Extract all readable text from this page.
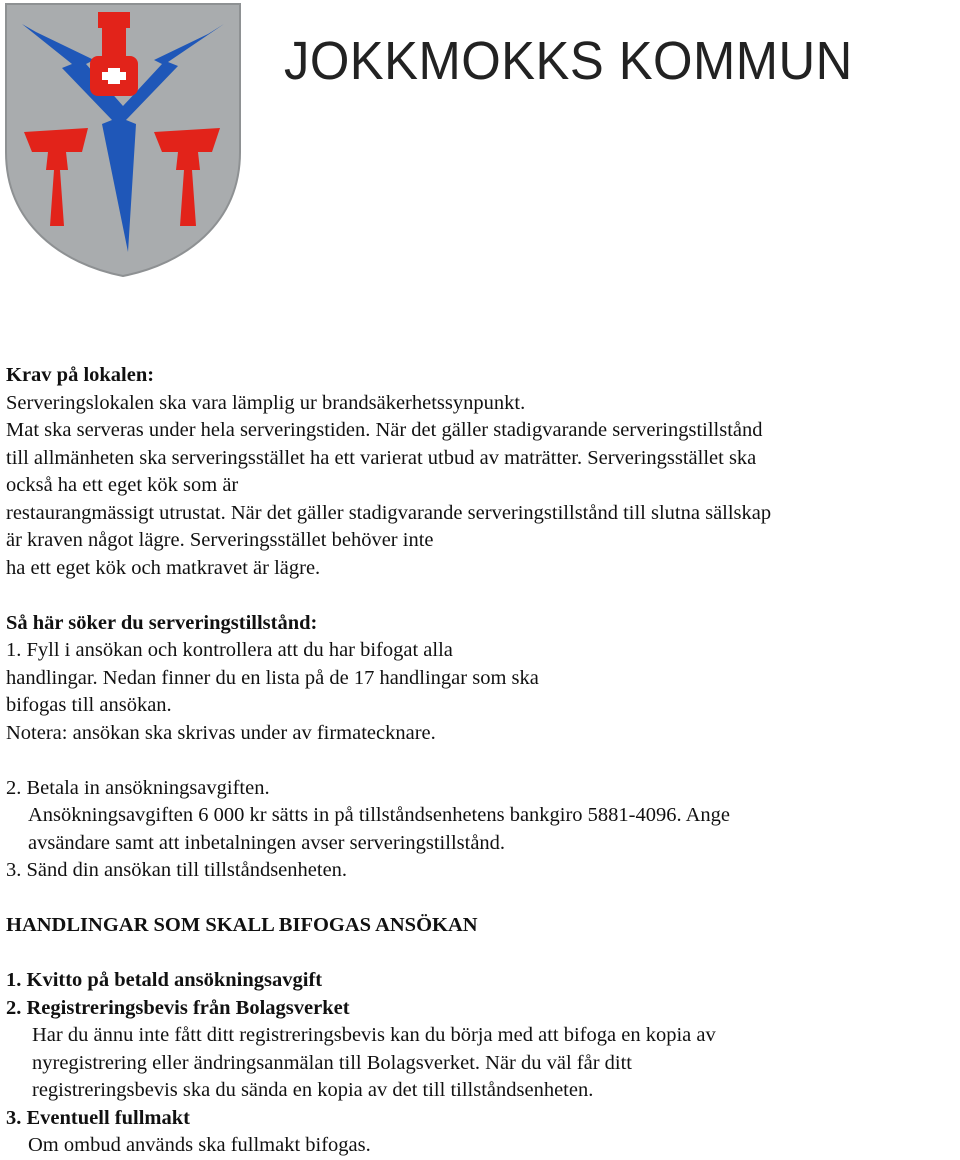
JOKKMOKKS KOMMUN
Krav på lokalen:
Serveringslokalen ska vara lämplig ur brandsäkerhetssynpunkt.
Mat ska serveras under hela serveringstiden. När det gäller stadigvarande serveringstillstånd
till allmänheten ska serveringsstället ha ett varierat utbud av maträtter. Serveringsstället ska
också ha ett eget kök som är
restaurangmässigt utrustat. När det gäller stadigvarande serveringstillstånd till slutna sällskap
är kraven något lägre. Serveringsstället behöver inte
ha ett eget kök och matkravet är lägre.
Så här söker du serveringstillstånd:
1. Fyll i ansökan och kontrollera att du har bifogat alla
handlingar. Nedan finner du en lista på de 17 handlingar som ska
bifogas till ansökan.
Notera: ansökan ska skrivas under av firmatecknare.
2. Betala in ansökningsavgiften.
Ansökningsavgiften 6 000 kr sätts in på tillståndsenhetens bankgiro 5881-4096. Ange
avsändare samt att inbetalningen avser serveringstillstånd.
3. Sänd din ansökan till tillståndsenheten.
HANDLINGAR SOM SKALL BIFOGAS ANSÖKAN
1. Kvitto på betald ansökningsavgift
2. Registreringsbevis från Bolagsverket
Har du ännu inte fått ditt registreringsbevis kan du börja med att bifoga en kopia av
nyregistrering eller ändringsanmälan till Bolagsverket. När du väl får ditt
registreringsbevis ska du sända en kopia av det till tillståndsenheten.
3. Eventuell fullmakt
Om ombud används ska fullmakt bifogas.
